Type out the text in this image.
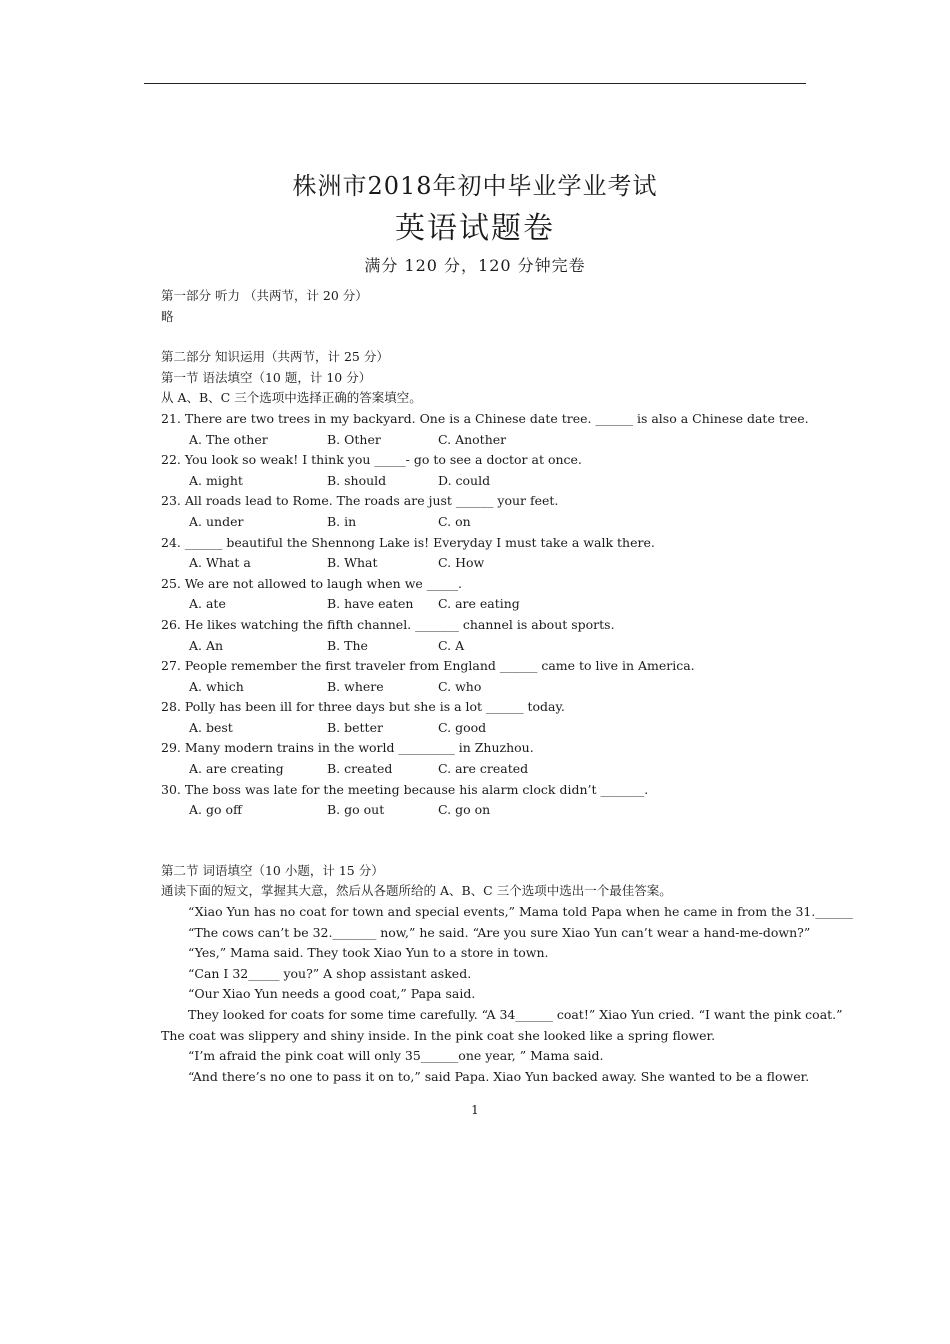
株洲市2018年初中毕业学业考试
英语试题卷
满分 120 分，120 分钟完卷
第一部分 听力 （共两节，计 20 分）
略
第二部分 知识运用（共两节，计 25 分）
第一节 语法填空（10 题，计 10 分）
从 A、B、C 三个选项中选择正确的答案填空。
21. There are two trees in my backyard. One is a Chinese date tree. ______ is also a Chinese date tree.
A. The other	B. Other	C. Another
22. You look so weak! I think you _____- go to see a doctor at once.
A. might	B. should	D. could
23. All roads lead to Rome. The roads are just ______ your feet.
A. under	B. in	C. on
24. ______ beautiful the Shennong Lake is! Everyday I must take a walk there.
A. What a	B. What	C. How
25. We are not allowed to laugh when we _____.
A. ate	B. have eaten C. are eating
26. He likes watching the fifth channel. _______ channel is about sports.
A. An	B. The	C. A
27. People remember the first traveler from England ______ came to live in America.
A. which	B. where	C. who
28. Polly has been ill for three days but she is a lot ______ today.
A. best	B. better	C. good
29. Many modern trains in the world _________ in Zhuzhou.
A. are creating	B. created	C. are created
30. The boss was late for the meeting because his alarm clock didn’t _______.
A. go off	B. go out	C. go on
第二节 词语填空（10 小题，计 15 分）
通读下面的短文，掌握其大意，然后从各题所给的 A、B、C 三个选项中选出一个最佳答案。
“Xiao Yun has no coat for town and special events,” Mama told Papa when he came in from the 31.______
“The cows can’t be 32._______ now,” he said. “Are you sure Xiao Yun can’t wear a hand-me-down?”
“Yes,” Mama said. They took Xiao Yun to a store in town.
“Can I 32_____ you?” A shop assistant asked.
“Our Xiao Yun needs a good coat,” Papa said.
They looked for coats for some time carefully. “A 34______ coat!” Xiao Yun cried. “I want the pink coat.” The coat was slippery and shiny inside. In the pink coat she looked like a spring flower.
“I’m afraid the pink coat will only 35______one year, ” Mama said.
“And there’s no one to pass it on to,” said Papa. Xiao Yun backed away. She wanted to be a flower.
1
